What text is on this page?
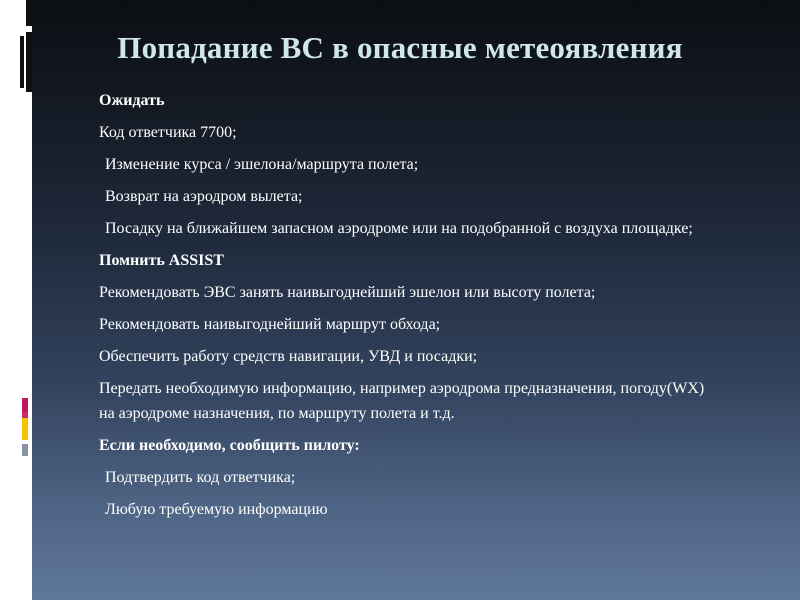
Попадание ВС в опасные метеоявления
Ожидать
Код ответчика 7700;
Изменение курса / эшелона/маршрута полета;
Возврат на аэродром вылета;
Посадку на ближайшем запасном аэродроме или на подобранной с воздуха площадке;
Помнить ASSIST
Рекомендовать ЭВС занять наивыгоднейший эшелон или высоту полета;
Рекомендовать наивыгоднейший маршрут обхода;
Обеспечить работу средств навигации, УВД и посадки;
Передать необходимую информацию, например аэродрома предназначения, погоду(WX) на аэродроме назначения, по маршруту полета и т.д.
Если необходимо, сообщить пилоту:
Подтвердить код ответчика;
Любую требуемую информацию
